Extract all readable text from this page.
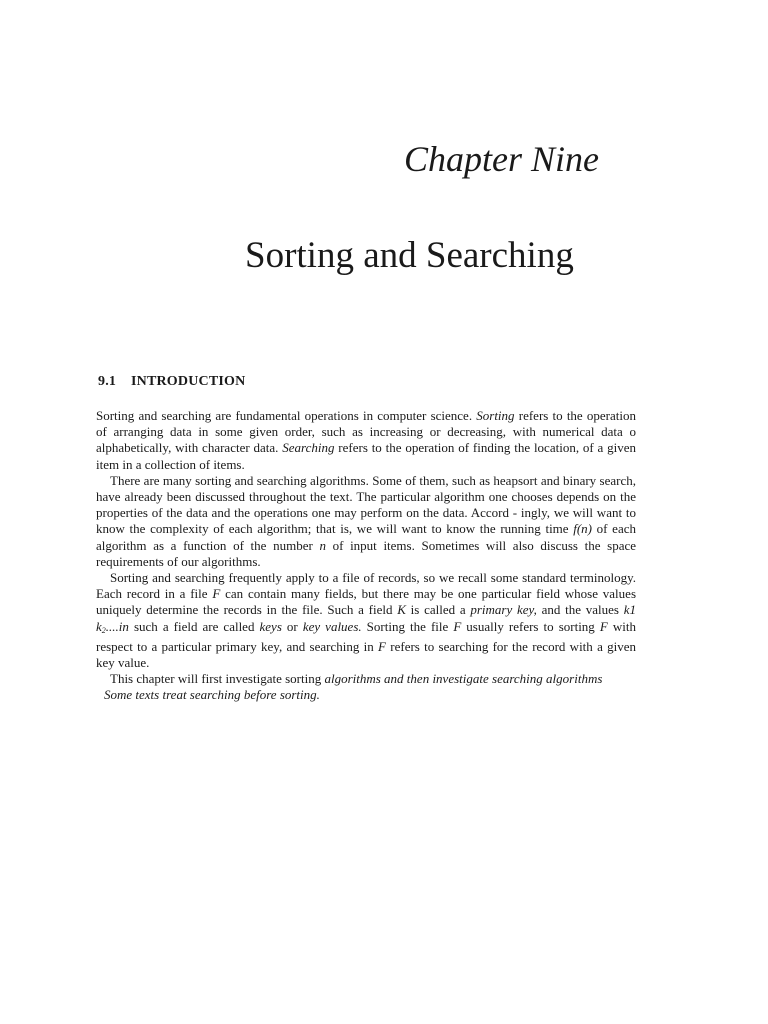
Chapter Nine
Sorting and Searching
9.1 INTRODUCTION

Sorting and searching are fundamental operations in computer science. Sorting refers to the operation of arranging data in some given order, such as increasing or decreasing, with numerical data o alphabetically, with character data. Searching refers to the operation of finding the location, of a given item in a collection of items.

There are many sorting and searching algorithms. Some of them, such as heapsort and binary search, have already been discussed throughout the text. The particular algorithm one chooses depends on the properties of the data and the operations one may perform on the data. Accord - ingly, we will want to know the complexity of each algorithm; that is, we will want to know the running time f(n) of each algorithm as a function of the number n of input items. Sometimes will also discuss the space requirements of our algorithms.

Sorting and searching frequently apply to a file of records, so we recall some standard terminology. Each record in a file F can contain many fields, but there may be one particular field whose values uniquely determine the records in the file. Such a field K is called a primary key, and the values k1 $k_2....in$ such a field are called keys or key values. Sorting the file F usually refers to sorting F with respect to a particular primary key, and searching in F refers to searching for the record with a given key value.

This chapter will first investigate sorting algorithms and then investigate searching algorithms
Some texts treat searching before sorting.
